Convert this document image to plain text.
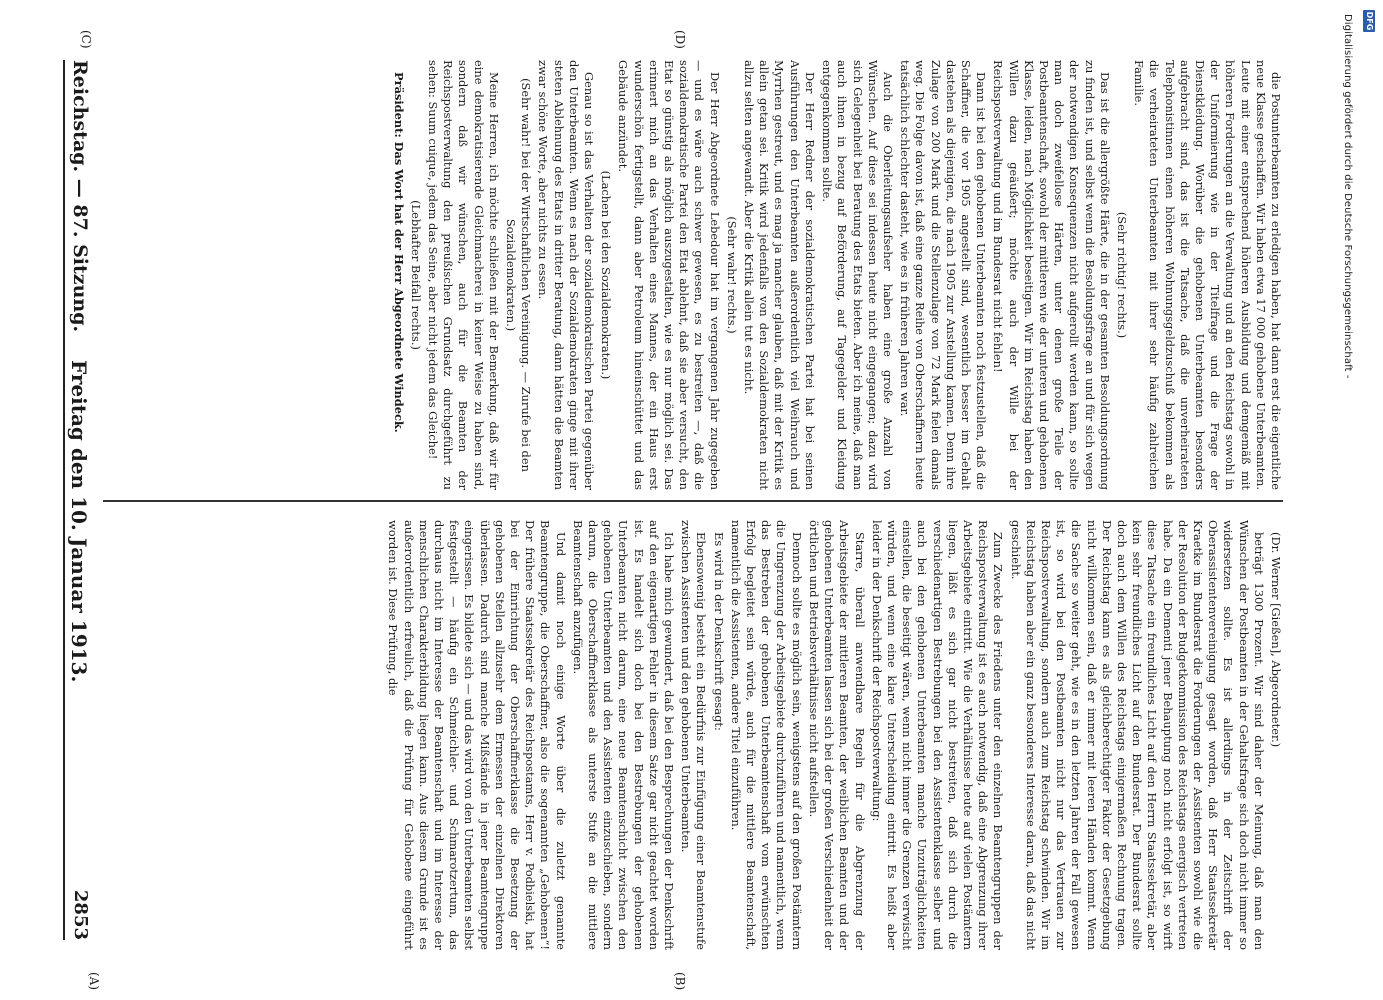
DFG
Digitalisierung gefördert durch die Deutsche Forschungsgemeinschaft -
Reichstag. — 87. Sitzung.
Freitag den 10. Januar 1913.
2853
(A)	(B)
(C)	(D)

(Dr. Werner [Gießen], Abgeordneter.)

beträgt 1300 Prozent. Wir sind daher der Meinung, daß man den Wünschen der Postbeamten in der Gehaltsfrage sich doch nicht immer so widersetzen sollte. Es ist allerdings in der Zeitschrift der Oberassistentenvereinigung gesagt worden, daß Herr Staatssekretär Kraetke im Bundesrat die Forderungen der Assistenten sowohl wie die der Resolution der Budgetkommission des Reichstags energisch vertreten habe. Da ein Dementi jener Behauptung noch nicht erfolgt ist, so wirft diese Tatsache ein freundliches Licht auf den Herrn Staatssekretär, aber kein sehr freundliches Licht auf den Bundesrat. Der Bundesrat sollte doch auch dem Willen des Reichstags einigermaßen Rechnung tragen. Der Reichstag kann es als gleichberechtigter Faktor der Gesetzgebung nicht willkommen sein, daß er immer mit leeren Händen kommt. Wenn die Sache so weiter geht, wie es in den letzten Jahren der Fall gewesen ist, so wird bei den Postbeamten nicht nur das Vertrauen zur Reichspostverwaltung, sondern auch zum Reichstag schwinden. Wir im Reichstag haben aber ein ganz besonderes Interesse daran, daß das nicht geschieht.

Zum Zwecke des Friedens unter den einzelnen Beamtengruppen der Reichspostverwaltung ist es auch notwendig, daß eine Abgrenzung ihrer Arbeitsgebiete eintritt. Wie die Verhältnisse heute auf vielen Postämtern liegen, läßt es sich gar nicht bestreiten, daß sich durch die verschiedenartigen Bestrebungen bei den Assistentenklasse selber und auch bei den gehobenen Unterbeamten manche Unzuträglichkeiten einstellen, die beseitigt wären, wenn nicht immer die Grenzen verwischt würden, und wenn eine klare Unterscheidung eintritt. Es heißt aber leider in der Denkschrift der Reichspostverwaltung:

Starre, überall anwendbare Regeln für die Abgrenzung der Arbeitsgebiete der mittleren Beamten, der weiblichen Beamten und der gehobenen Unterbeamten lassen sich bei der großen Verschiedenheit der örtlichen und Betriebsverhältnisse nicht aufstellen.

Dennoch sollte es möglich sein, wenigstens auf den großen Postämtern die Umgrenzung der Arbeitsgebiete durchzuführen und namentlich, wenn das Bestreben der gehobenen Unterbeamtenschaft vom erwünschten Erfolg begleitet sein würde, auch für die mittlere Beamtenschaft, namentlich die Assistenten, andere Titel einzuführen.

Es wird in der Denkschrift gesagt:

Ebensowenig besteht ein Bedürfnis zur Einfügung einer Beamtenstufe zwischen Assistenten und den gehobenen Unterbeamten.

Ich habe mich gewundert, daß bei den Besprechungen der Denkschrift auf den eigenartigen Fehler in diesem Satze gar nicht geachtet worden ist. Es handelt sich doch bei den Bestrebungen der gehobenen Unterbeamten nicht darum, eine neue Beamtenschicht zwischen den gehobenen Unterbeamten und den Assistenten einzuschieben, sondern darum, die Oberschaffnerklasse als unterste Stufe an die mittlere Beamtenschaft anzufügen.

Und damit noch einige Worte über die zuletzt genannte Beamtengruppe, die Oberschaffner, also die sogenannten „Gehobenen“! Der frühere Staatssekretär des Reichspostamts, Herr v. Podbielski, hat bei der Einrichtung der Oberschaffnerklasse die Besetzung der gehobenen Stellen allzusehr dem Ermessen der einzelnen Direktoren überlassen. Dadurch sind manche Mißstände in jener Beamtengruppe eingerissen. Es bildete sich — und das wird von den Unterbeamten selbst festgestellt — häufig ein Schmeichler- und Schmarotzertum, das durchaus nicht im Interesse der Beamtenschaft und im Interesse der menschlichen Charakterbildung liegen kann. Aus diesem Grunde ist es außerordentlich erfreulich, daß die Prüfung für Gehobene eingeführt worden ist. Diese Prüfung, die

die Postunterbeamten zu erledigen haben, hat dann erst die eigentliche neue Klasse geschaffen. Wir haben etwa 17 000 gehobene Unterbeamten. Leute mit einer entsprechend höheren Ausbildung und demgemäß mit höheren Forderungen an die Verwaltung und an den Reichstag sowohl in der Uniformierung wie in der Titelfrage und die Frage der Dienstkleidung. Worüber die gehobenen Unterbeamten besonders aufgebracht sind, das ist die Tatsache, daß die unverheirateten Telephonistinnen einen höheren Wohnungsgeldzuschuß bekommen als die verheirateten Unterbeamten mit ihrer sehr häufig zahlreichen Familie.

(Sehr richtig! rechts.)

Das ist die allergrößte Härte, die in der gesamten Besoldungsordnung zu finden ist, und selbst wenn die Besoldungsfrage an und für sich wegen der notwendigen Konsequenzen nicht aufgerollt werden kann, so sollte man doch zweifellose Härten, unter denen große Teile der Postbeamtenschaft, sowohl der mittleren wie der unteren und gehobenen Klasse, leiden, nach Möglichkeit beseitigen. Wir im Reichstag haben den Willen dazu geäußert; möchte auch der Wille bei der Reichspostverwaltung und im Bundesrat nicht fehlen!

Dann ist bei den gehobenen Unterbeamten noch festzustellen, daß die Schaffner, die vor 1905 angestellt sind, wesentlich besser im Gehalt dastehen als diejenigen, die nach 1905 zur Anstellung kamen. Denn ihre Zulage von 200 Mark und die Stellenzulage von 72 Mark fielen damals weg. Die Folge davon ist, daß eine ganze Reihe von Oberschaffnern heute tatsächlich schlechter dasteht, wie es in früheren Jahren war.

Auch die Oberleitungsaufseher haben eine große Anzahl von Wünschen. Auf diese sei indessen heute nicht eingegangen; dazu wird sich Gelegenheit bei Beratung des Etats bieten. Aber ich meine, daß man auch ihnen in bezug auf Beförderung, auf Tagegelder und Kleidung entgegenkommen sollte.

Der Herr Redner der sozialdemokratischen Partei hat bei seinen Ausführungen den Unterbeamten außerordentlich viel Weihrauch und Myrrhen gestreut, und es mag ja mancher glauben, daß mit der Kritik es allein getan sei. Kritik wird jedenfalls von den Sozialdemokraten nicht allzu selten angewandt. Aber die Kritik allein tut es nicht.

(Sehr wahr! rechts.)

Der Herr Abgeordnete Lebedour hat im vergangenen Jahr zugegeben — und es wäre auch schwer gewesen, es zu bestreiten —, daß die sozialdemokratische Partei den Etat ablehnt, daß sie aber versucht, den Etat so günstig als möglich auszugestalten, wie es nur möglich sei. Das erinnert mich an das Verhalten eines Mannes, der ein Haus erst wunderschön fertigstellt, dann aber Petroleum hineinschüttet und das Gebäude anzündet.

(Lachen bei den Sozialdemokraten.)

Genau so ist das Verhalten der sozialdemokratischen Partei gegenüber den Unterbeamten. Wenn es nach der Sozialdemokraten ginge mit ihrer steten Ablehnung des Etats in dritter Beratung, dann hätten die Beamten zwar schöne Worte, aber nichts zu essen.

(Sehr wahr! bei der Wirtschaftlichen Vereinigung. — Zurufe bei den Sozialdemokraten.)

Meine Herren, ich möchte schließen mit der Bemerkung, daß wir für eine demokratisierende Gleichmacherei in keiner Weise zu haben sind, sondern daß wir wünschen, auch für die Beamten der Reichspostverwaltung den preußischen Grundsatz durchgeführt zu sehen: Suum cuique, jedem das Seine, aber nicht jedem das Gleiche!

(Lebhafter Beifall rechts.)

Präsident: Das Wort hat der Herr Abgeordnete Windeck.
